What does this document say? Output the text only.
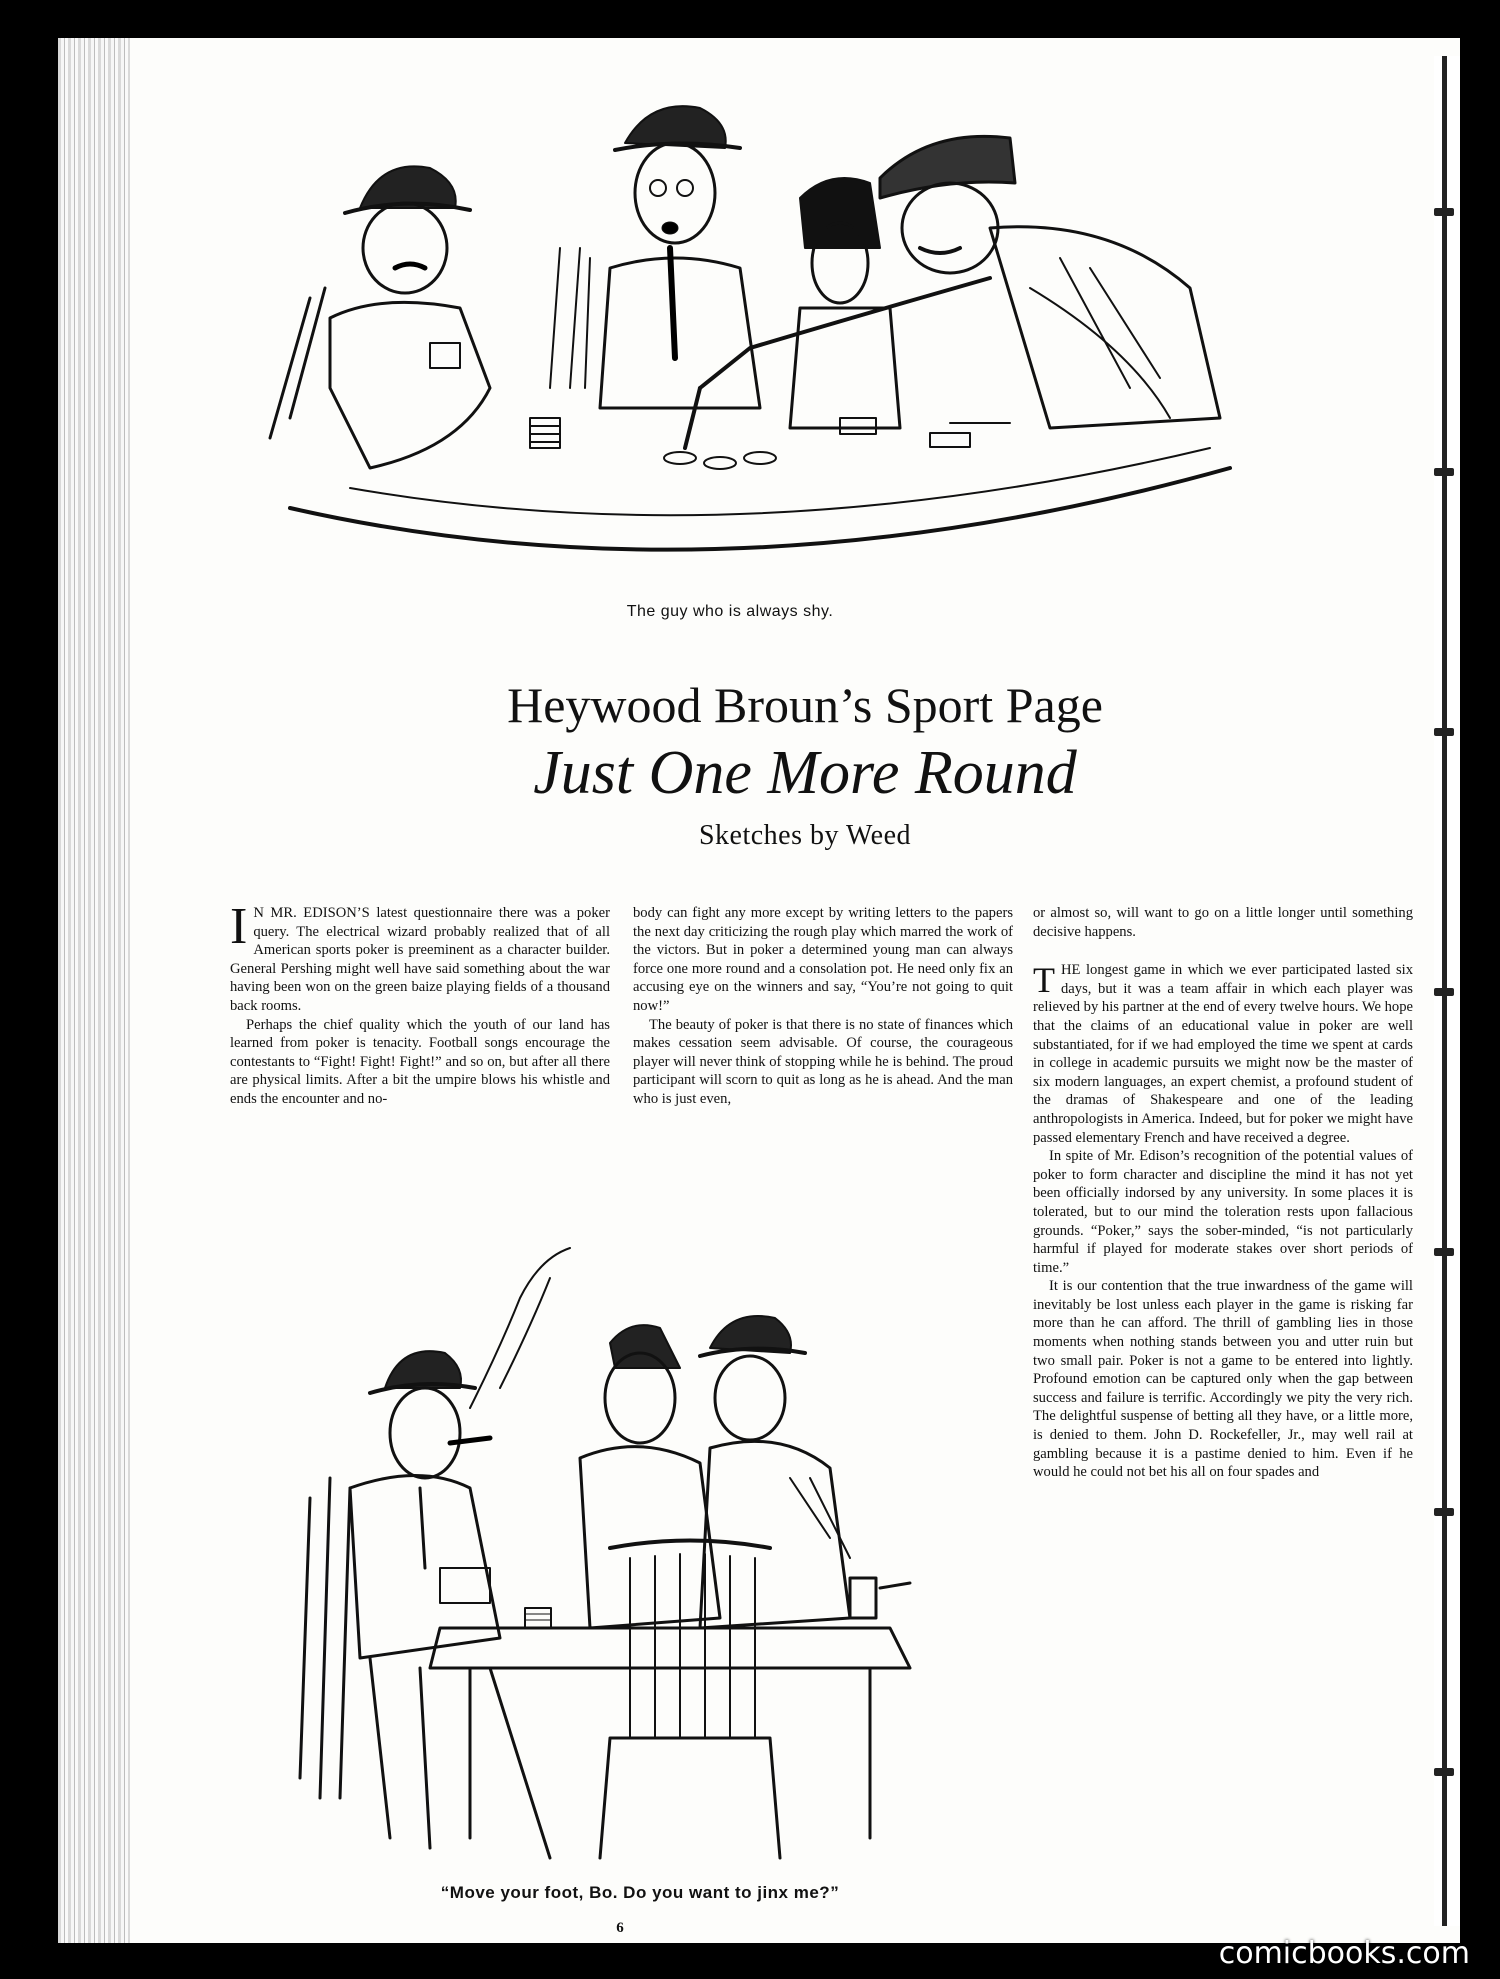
The guy who is always shy.
Heywood Broun’s Sport Page
Just One More Round
Sketches by Weed

I N MR. EDISON’S latest questionnaire there was a poker query. The electrical wizard probably realized that of all American sports poker is preeminent as a character builder. General Pershing might well have said something about the war having been won on the green baize playing fields of a thousand back rooms.

Perhaps the chief quality which the youth of our land has learned from poker is tenacity. Football songs encourage the contestants to “Fight! Fight! Fight!” and so on, but after all there are physical limits. After a bit the umpire blows his whistle and ends the encounter and no-

body can fight any more except by writing letters to the papers the next day criticizing the rough play which marred the work of the victors. But in poker a determined young man can always force one more round and a consolation pot. He need only fix an accusing eye on the winners and say, “You’re not going to quit now!”

The beauty of poker is that there is no state of finances which makes cessation seem advisable. Of course, the courageous player will never think of stopping while he is behind. The proud participant will scorn to quit as long as he is ahead. And the man who is just even,

or almost so, will want to go on a little longer until something decisive happens.

THE longest game in which we ever participated lasted six days, but it was a team affair in which each player was relieved by his partner at the end of every twelve hours. We hope that the claims of an educational value in poker are well substantiated, for if we had employed the time we spent at cards in college in academic pursuits we might now be the master of six modern languages, an expert chemist, a profound student of the dramas of Shakespeare and one of the leading anthropologists in America. Indeed, but for poker we might have passed elementary French and have received a degree.

In spite of Mr. Edison’s recognition of the potential values of poker to form character and discipline the mind it has not yet been officially indorsed by any university. In some places it is tolerated, but to our mind the toleration rests upon fallacious grounds. “Poker,” says the sober-minded, “is not particularly harmful if played for moderate stakes over short periods of time.”

It is our contention that the true inwardness of the game will inevitably be lost unless each player in the game is risking far more than he can afford. The thrill of gambling lies in those moments when nothing stands between you and utter ruin but two small pair. Poker is not a game to be entered into lightly. Profound emotion can be captured only when the gap between success and failure is terrific. Accordingly we pity the very rich. The delightful suspense of betting all they have, or a little more, is denied to them. John D. Rockefeller, Jr., may well rail at gambling because it is a pastime denied to him. Even if he would he could not bet his all on four spades and

“Move your foot, Bo. Do you want to jinx me?”
6
comicbooks.com
